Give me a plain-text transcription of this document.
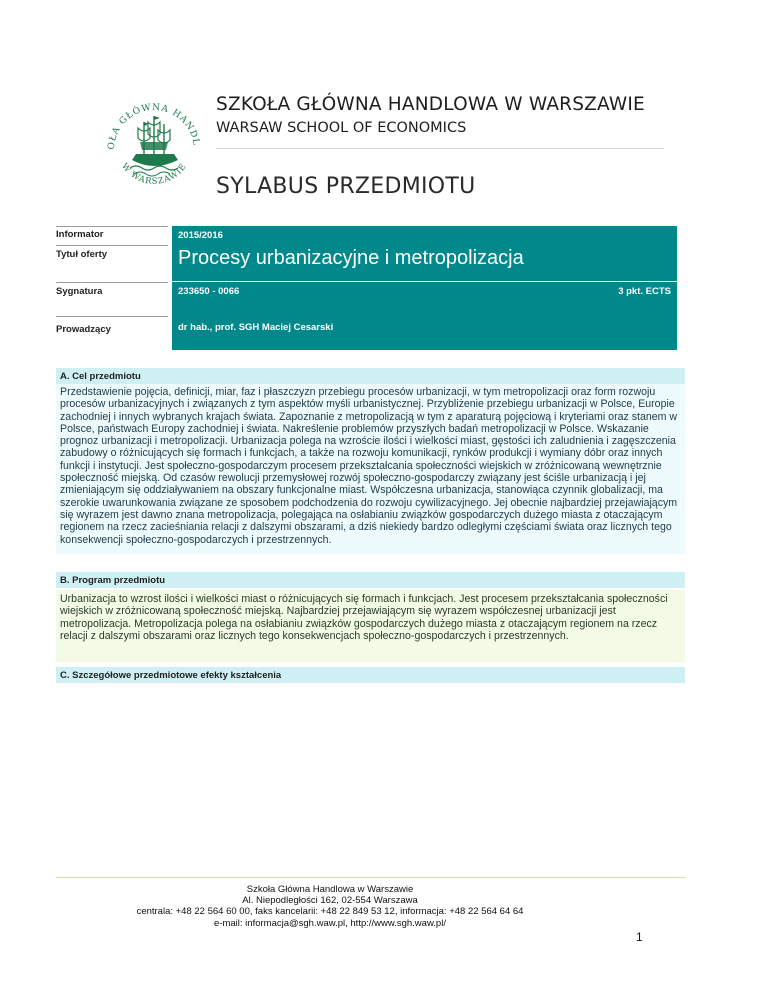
OŁA GŁÓWNA HANDL
W WARSZAWIE
SZKOŁA GŁÓWNA HANDLOWA W WARSZAWIE
WARSAW SCHOOL OF ECONOMICS
SYLABUS PRZEDMIOTU
Informator	2015/2016
Tytuł oferty	Procesy urbanizacyjne i metropolizacja
Sygnatura	233650 - 0066	3 pkt. ECTS
Prowadzący	dr hab., prof. SGH Maciej Cesarski
A. Cel przedmiotu
Przedstawienie pojęcia, definicji, miar, faz i płaszczyzn przebiegu procesów urbanizacji, w tym metropolizacji oraz form rozwoju procesów urbanizacyjnych i związanych z tym aspektów myśli urbanistycznej. Przybliżenie przebiegu urbanizacji w Polsce, Europie zachodniej i innych wybranych krajach świata. Zapoznanie z metropolizacją w tym z aparaturą pojęciową i kryteriami oraz stanem w Polsce, państwach Europy zachodniej i świata. Nakreślenie problemów przyszłych badań metropolizacji w Polsce. Wskazanie prognoz urbanizacji i metropolizacji. Urbanizacja polega na wzroście ilości i wielkości miast, gęstości ich zaludnienia i zagęszczenia zabudowy o różnicujących się formach i funkcjach, a także na rozwoju komunikacji, rynków produkcji i wymiany dóbr oraz innych funkcji i instytucji. Jest społeczno-gospodarczym procesem przekształcania społeczności wiejskich w zróżnicowaną wewnętrznie społeczność miejską. Od czasów rewolucji przemysłowej rozwój społeczno-gospodarczy związany jest ściśle urbanizacją i jej zmieniającym się oddziaływaniem na obszary funkcjonalne miast. Współczesna urbanizacja, stanowiąca czynnik globalizacji, ma szerokie uwarunkowania związane ze sposobem podchodzenia do rozwoju cywilizacyjnego. Jej obecnie najbardziej przejawiającym się wyrazem jest dawno znana metropolizacja, polegająca na osłabianiu związków gospodarczych dużego miasta z otaczającym regionem na rzecz zacieśniania relacji z dalszymi obszarami, a dziś niekiedy bardzo odległymi częściami świata oraz licznych tego konsekwencji społeczno-gospodarczych i przestrzennych.
B. Program przedmiotu
Urbanizacja to wzrost ilości i wielkości miast o różnicujących się formach i funkcjach. Jest procesem przekształcania społeczności wiejskich w zróżnicowaną społeczność miejską. Najbardziej przejawiającym się wyrazem współczesnej urbanizacji jest metropolizacja. Metropolizacja polega na osłabianiu związków gospodarczych dużego miasta z otaczającym regionem na rzecz relacji z dalszymi obszarami oraz licznych tego konsekwencjach społeczno-gospodarczych i przestrzennych.
C. Szczegółowe przedmiotowe efekty kształcenia
Szkoła Główna Handlowa w Warszawie
Al. Niepodległości 162, 02-554 Warszawa
centrala: +48 22 564 60 00, faks kancelarii: +48 22 849 53 12, informacja: +48 22 564 64 64
e-mail: informacja@sgh.waw.pl, http://www.sgh.waw.pl/
1
